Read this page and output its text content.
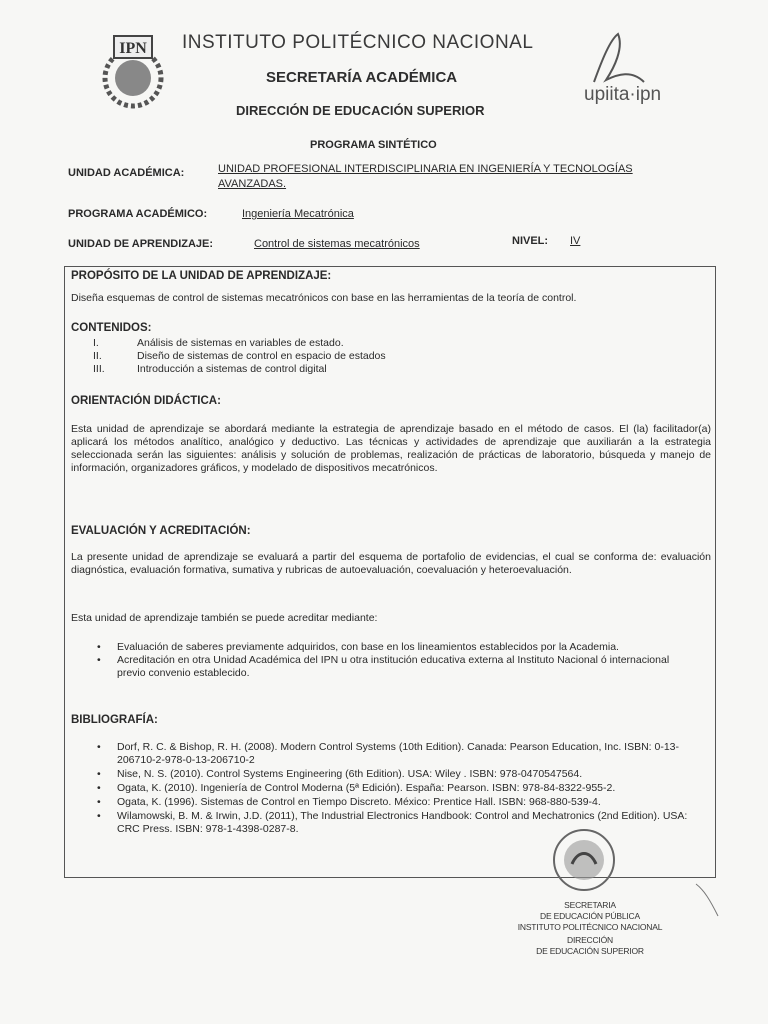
IPN INSTITUTO POLITÉCNICO NACIONAL
SECRETARÍA ACADÉMICA
DIRECCIÓN DE EDUCACIÓN SUPERIOR
upiita·ipn
PROGRAMA SINTÉTICO
UNIDAD ACADÉMICA:	UNIDAD PROFESIONAL INTERDISCIPLINARIA EN INGENIERÍA Y TECNOLOGÍAS
AVANZADAS.
PROGRAMA ACADÉMICO:	Ingeniería Mecatrónica
UNIDAD DE APRENDIZAJE:	Control de sistemas mecatrónicos	NIVEL: IV
PROPÓSITO DE LA UNIDAD DE APRENDIZAJE:

Diseña esquemas de control de sistemas mecatrónicos con base en las herramientas de la teoría de control.

CONTENIDOS:
I.	Análisis de sistemas en variables de estado.
II.	Diseño de sistemas de control en espacio de estados
III.	Introducción a sistemas de control digital
ORIENTACIÓN DIDÁCTICA:

Esta unidad de aprendizaje se abordará mediante la estrategia de aprendizaje basado en el método de casos. El (la) facilitador(a) aplicará los métodos analítico, analógico y deductivo. Las técnicas y actividades de aprendizaje que auxiliarán a la estrategia seleccionada serán las siguientes: análisis y solución de problemas, realización de prácticas de laboratorio, búsqueda y manejo de información, organizadores gráficos, y modelado de dispositivos mecatrónicos.

EVALUACIÓN Y ACREDITACIÓN:

La presente unidad de aprendizaje se evaluará a partir del esquema de portafolio de evidencias, el cual se conforma de: evaluación diagnóstica, evaluación formativa, sumativa y rubricas de autoevaluación, coevaluación y heteroevaluación.

Esta unidad de aprendizaje también se puede acreditar mediante:

• Evaluación de saberes previamente adquiridos, con base en los lineamientos establecidos por la Academia.
• Acreditación en otra Unidad Académica del IPN u otra institución educativa externa al Instituto Nacional ó internacional previo convenio establecido.
BIBLIOGRAFÍA:
• Dorf, R. C. & Bishop, R. H. (2008). Modern Control Systems (10th Edition). Canada: Pearson Education, Inc. ISBN: 0-13-206710-2-978-0-13-206710-2
• Nise, N. S. (2010). Control Systems Engineering (6th Edition). USA: Wiley . ISBN: 978-0470547564.
• Ogata, K. (2010). Ingeniería de Control Moderna (5ª Edición). España: Pearson. ISBN: 978-84-8322-955-2.
• Ogata, K. (1996). Sistemas de Control en Tiempo Discreto. México: Prentice Hall. ISBN: 968-880-539-4.
• Wilamowski, B. M. & Irwin, J.D. (2011), The Industrial Electronics Handbook: Control and Mechatronics (2nd Edition). USA: CRC Press. ISBN: 978-1-4398-0287-8.
SECRETARIA
DE EDUCACIÓN PÚBLICA
INSTITUTO POLITÉCNICO NACIONAL
DIRECCIÓN
DE EDUCACIÓN SUPERIOR
